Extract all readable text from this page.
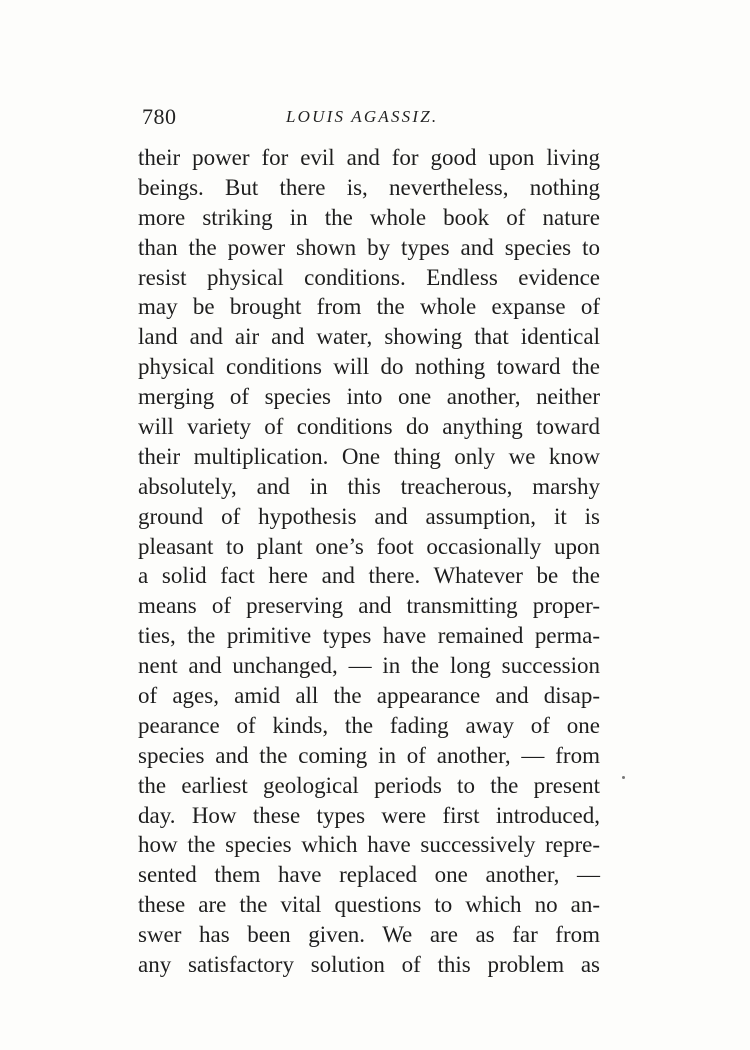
780	LOUIS AGASSIZ.
their power for evil and for good upon living
beings. But there is, nevertheless, nothing
more striking in the whole book of nature
than the power shown by types and species to
resist physical conditions. Endless evidence
may be brought from the whole expanse of
land and air and water, showing that identical
physical conditions will do nothing toward the
merging of species into one another, neither
will variety of conditions do anything toward
their multiplication. One thing only we know
absolutely, and in this treacherous, marshy
ground of hypothesis and assumption, it is
pleasant to plant one’s foot occasionally upon
a solid fact here and there. Whatever be the
means of preserving and transmitting proper-
ties, the primitive types have remained perma-
nent and unchanged, — in the long succession
of ages, amid all the appearance and disap-
pearance of kinds, the fading away of one
species and the coming in of another, — from
the earliest geological periods to the present
day. How these types were first introduced,
how the species which have successively repre-
sented them have replaced one another, —
these are the vital questions to which no an-
swer has been given. We are as far from
any satisfactory solution of this problem as
